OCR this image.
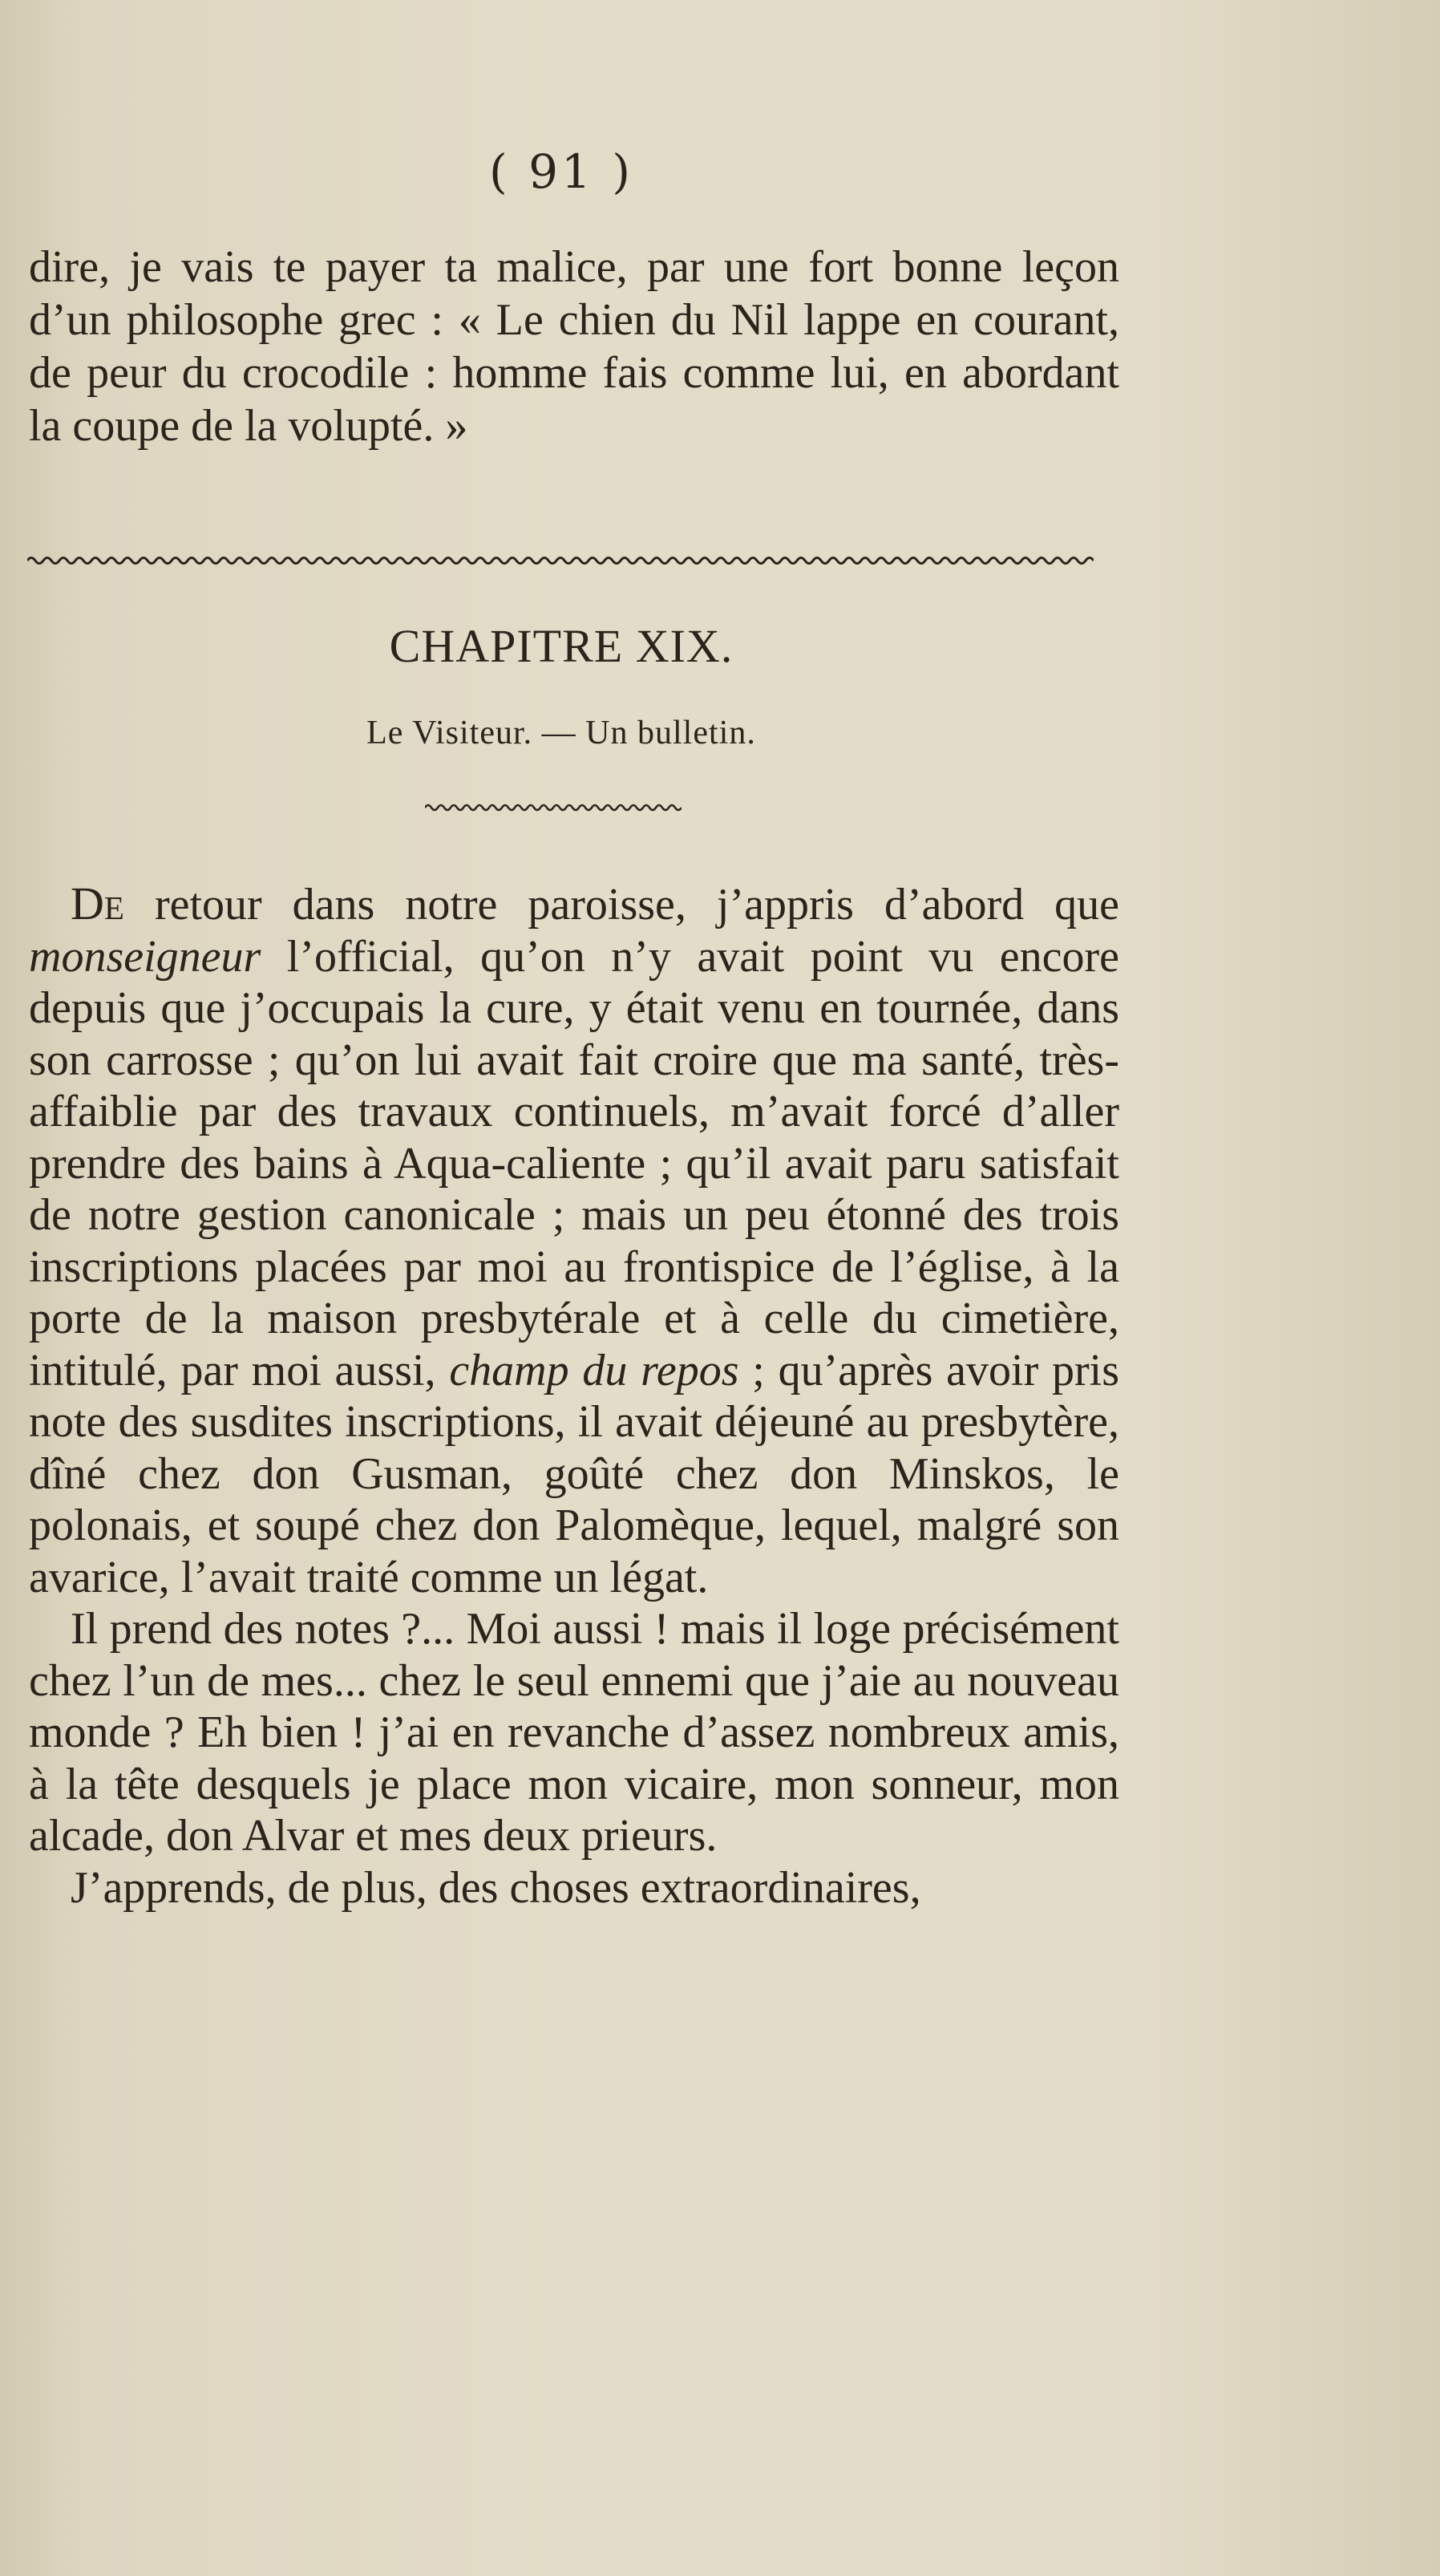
( 91 )

dire, je vais te payer ta malice, par une fort bonne leçon d’un philosophe grec : « Le chien du Nil lappe en courant, de peur du crocodile : homme fais comme lui, en abordant la coupe de la volupté. »

CHAPITRE XIX.
Le Visiteur. — Un bulletin.

De retour dans notre paroisse, j’appris d’abord que monseigneur l’official, qu’on n’y avait point vu encore depuis que j’occupais la cure, y était venu en tournée, dans son carrosse ; qu’on lui avait fait croire que ma santé, très-affaiblie par des travaux continuels, m’avait forcé d’aller prendre des bains à Aqua-caliente ; qu’il avait paru satisfait de notre gestion canonicale ; mais un peu étonné des trois inscriptions placées par moi au frontispice de l’église, à la porte de la maison presbytérale et à celle du cimetière, intitulé, par moi aussi, champ du repos ; qu’après avoir pris note des susdites inscriptions, il avait déjeuné au presbytère, dîné chez don Gusman, goûté chez don Minskos, le polonais, et soupé chez don Palomèque, lequel, malgré son avarice, l’avait traité comme un légat.

Il prend des notes ?... Moi aussi ! mais il loge précisément chez l’un de mes... chez le seul ennemi que j’aie au nouveau monde ? Eh bien ! j’ai en revanche d’assez nombreux amis, à la tête desquels je place mon vicaire, mon sonneur, mon alcade, don Alvar et mes deux prieurs.

J’apprends, de plus, des choses extraordinaires,
